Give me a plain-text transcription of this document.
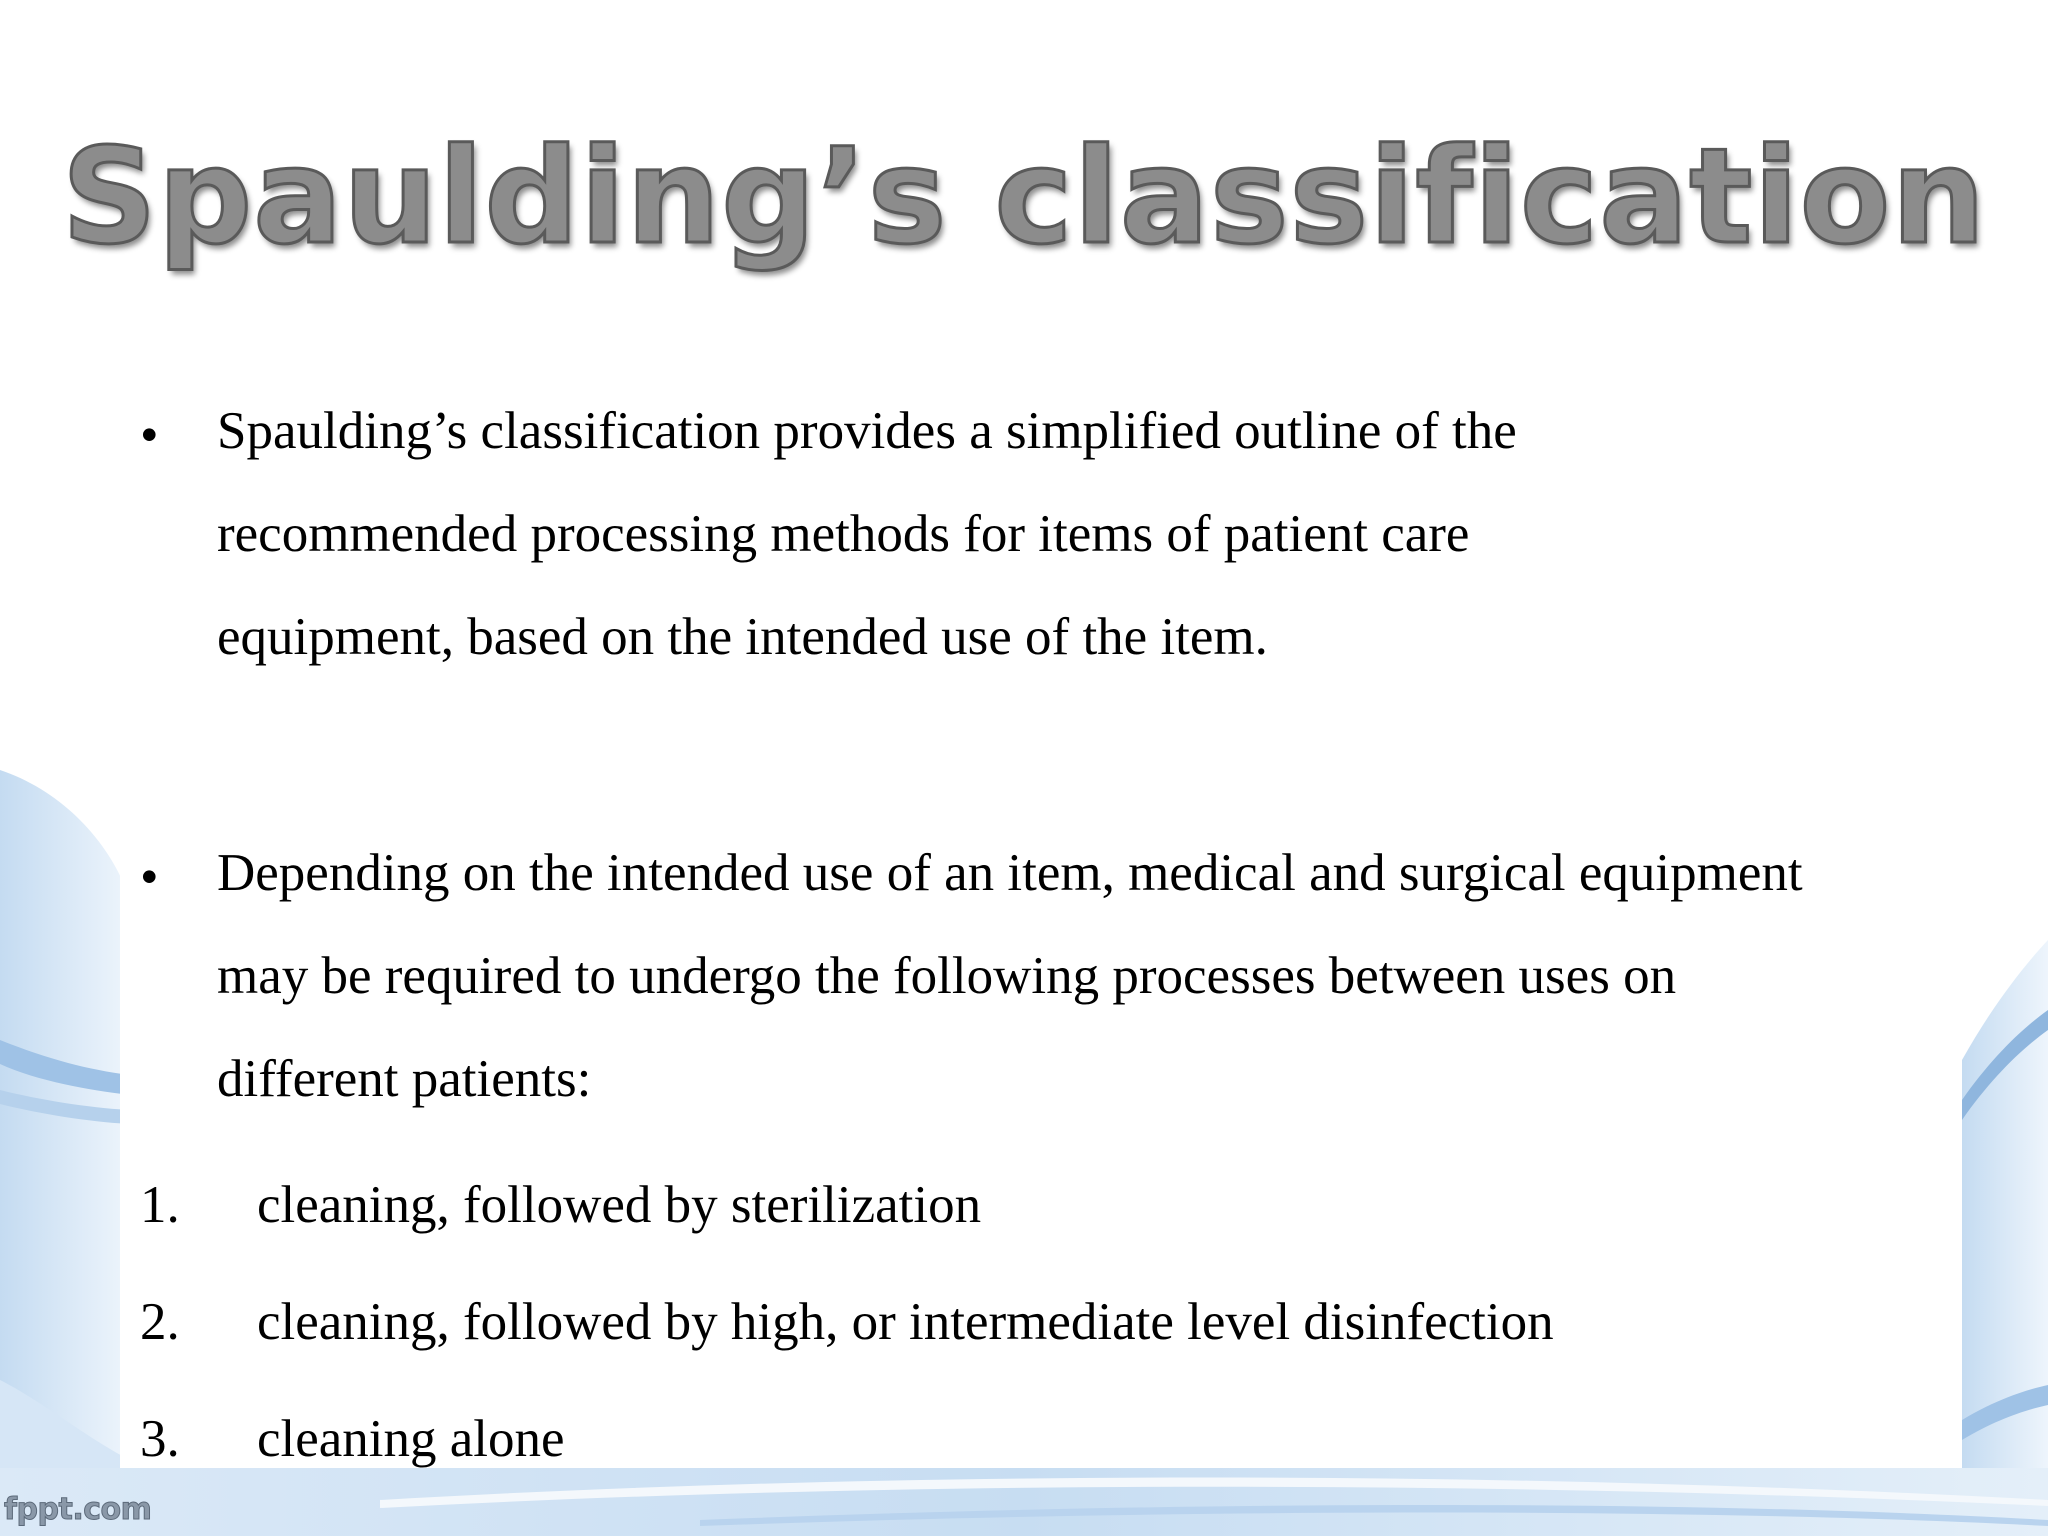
Spaulding’s classification
• Spaulding’s classification provides a simplified outline of the
recommended processing methods for items of patient care
equipment, based on the intended use of the item.

• Depending on the intended use of an item, medical and surgical equipment
may be required to undergo the following processes between uses on
different patients:

1. cleaning, followed by sterilization
2. cleaning, followed by high, or intermediate level disinfection
3. cleaning alone
fppt.com
